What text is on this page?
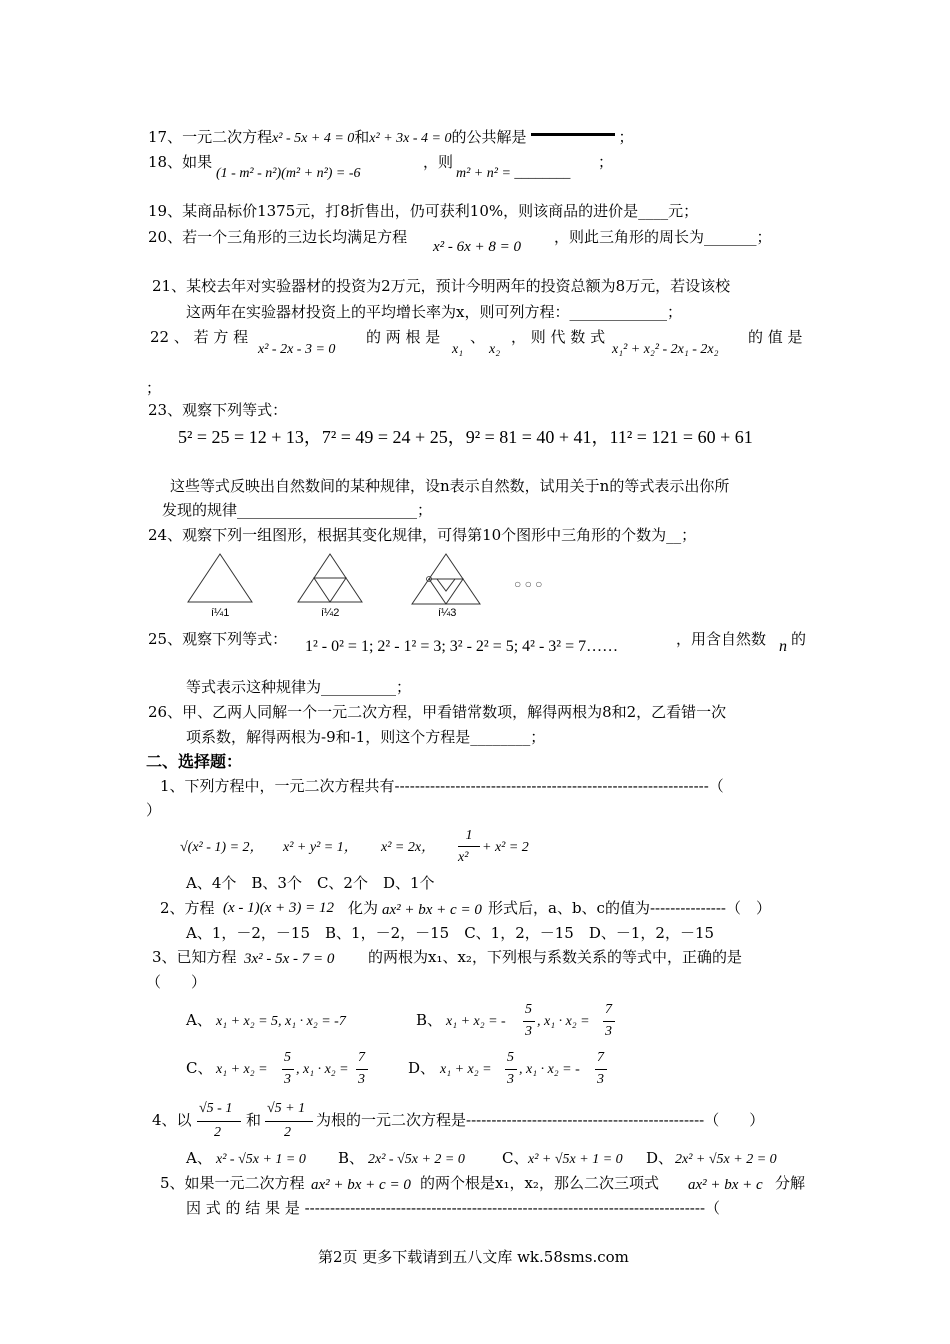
17、一元二次方程x² - 5x + 4 = 0和x² + 3x - 4 = 0的公共解是	；
18、如果
(1 - m² - n²)(m² + n²) = -6
，则
m² + n² = ________
；
19、某商品标价1375元，打8折售出，仍可获利10%，则该商品的进价是____元；
20、若一个三角形的三边长均满足方程
x² - 6x + 8 = 0
，则此三角形的周长为_______；
21、某校去年对实验器材的投资为2万元，预计今明两年的投资总额为8万元，若设该校
这两年在实验器材投资上的平均增长率为x，则可列方程：_____________；
22 、 若 方 程
x² - 2x - 3 = 0
的 两 根 是
x₁
、
x₂
， 则 代 数 式
x₁² + x₂² - 2x₁ - 2x₂
的 值 是
；
23、观察下列等式：
5² = 25 = 12 + 13，7² = 49 = 24 + 25，9² = 81 = 40 + 41，11² = 121 = 60 + 61
这些等式反映出自然数间的某种规律，设n表示自然数，试用关于n的等式表示出你所
发现的规律________________________；
24、观察下列一组图形，根据其变化规律，可得第10个图形中三角形的个数为__；
í¼1	í¼2	í¼3
○ ○ ○
25、观察下列等式： 1² - 0² = 1; 2² - 1² = 3; 3² - 2² = 5; 4² - 3² = 7……	，用含自然数 n 的
等式表示这种规律为__________；
26、甲、乙两人同解一个一元二次方程，甲看错常数项，解得两根为8和2，乙看错一次
项系数，解得两根为-9和-1，则这个方程是________；
二、选择题：
1、下列方程中，一元二次方程共有--------------------------------------------------------------（
）
√(x² - 1) = 2， x² + y² = 1， x² = 2x，
1
x²
+ x² = 2
A、4个　B、3个　C、2个　D、1个
2、方程 (x - 1)(x + 3) = 12 化为 ax² + bx + c = 0 形式后，a、b、c的值为---------------（　）
A、1，－2，－15　B、1，－2，－15　C、1，2，－15　D、－1，2，－15
3、已知方程 3x² - 5x - 7 = 0 的两根为x₁、x₂，下列根与系数关系的等式中，正确的是
（　　）
A、 x₁ + x₂ = 5, x₁ · x₂ = -7	B、 x₁ + x₂ = -
5
3
, x₁ · x₂ =
7
3
C、 x₁ + x₂ =
5
3
, x₁ · x₂ =
7
3
D、 x₁ + x₂ =
5
3
, x₁ · x₂ = -
7
3
4、以
√5 - 1
2
和
√5 + 1
2
为根的一元二次方程是-----------------------------------------------（　　）
A、 x² - √5x + 1 = 0 B、 2x² - √5x + 2 = 0 C、 x² + √5x + 1 = 0 D、 2x² + √5x + 2 = 0
5、如果一元二次方程 ax² + bx + c = 0 的两个根是x₁，x₂，那么二次三项式 ax² + bx + c 分解
因 式 的 结 果 是 -------------------------------------------------------------------------------（
第2页 更多下载请到五八文库 wk.58sms.com
